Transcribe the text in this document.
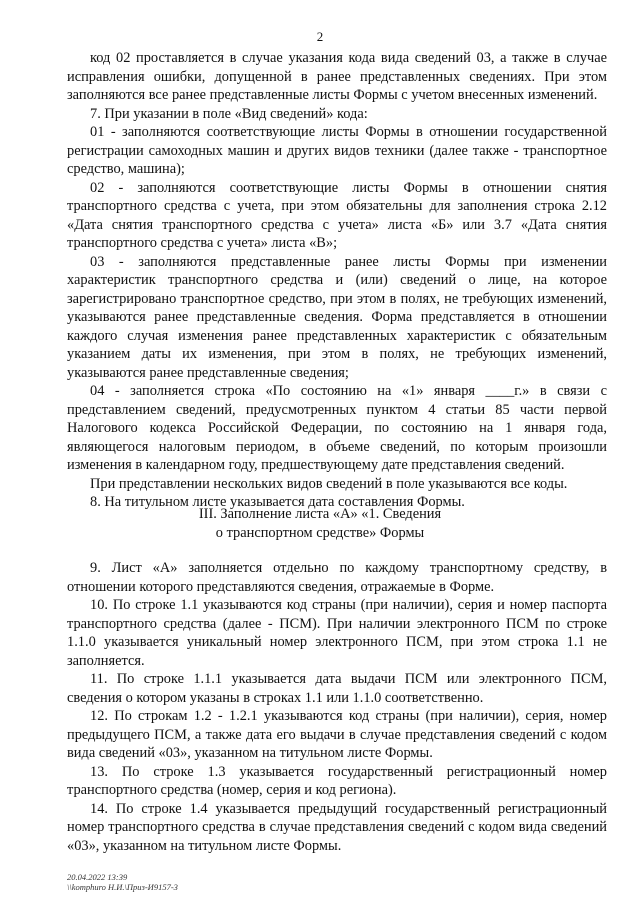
2

код 02 проставляется в случае указания кода вида сведений 03, а также в случае исправления ошибки, допущенной в ранее представленных сведениях. При этом заполняются все ранее представленные листы Формы с учетом внесенных изменений.

7. При указании в поле «Вид сведений» кода:

01 - заполняются соответствующие листы Формы в отношении государственной регистрации самоходных машин и других видов техники (далее также - транспортное средство, машина);

02 - заполняются соответствующие листы Формы в отношении снятия транспортного средства с учета, при этом обязательны для заполнения строка 2.12 «Дата снятия транспортного средства с учета» листа «Б» или 3.7 «Дата снятия транспортного средства с учета» листа «В»;

03 - заполняются представленные ранее листы Формы при изменении характеристик транспортного средства и (или) сведений о лице, на которое зарегистрировано транспортное средство, при этом в полях, не требующих изменений, указываются ранее представленные сведения. Форма представляется в отношении каждого случая изменения ранее представленных характеристик с обязательным указанием даты их изменения, при этом в полях, не требующих изменений, указываются ранее представленные сведения;

04 - заполняется строка «По состоянию на «1» января ____г.» в связи с представлением сведений, предусмотренных пунктом 4 статьи 85 части первой Налогового кодекса Российской Федерации, по состоянию на 1 января года, являющегося налоговым периодом, в объеме сведений, по которым произошли изменения в календарном году, предшествующему дате представления сведений.

При представлении нескольких видов сведений в поле указываются все коды.

8. На титульном листе указывается дата составления Формы.

III. Заполнение листа «А» «1. Сведения
о транспортном средстве» Формы

9. Лист «А» заполняется отдельно по каждому транспортному средству, в отношении которого представляются сведения, отражаемые в Форме.

10. По строке 1.1 указываются код страны (при наличии), серия и номер паспорта транспортного средства (далее - ПСМ). При наличии электронного ПСМ по строке 1.1.0 указывается уникальный номер электронного ПСМ, при этом строка 1.1 не заполняется.

11. По строке 1.1.1 указывается дата выдачи ПСМ или электронного ПСМ, сведения о котором указаны в строках 1.1 или 1.1.0 соответственно.

12. По строкам 1.2 - 1.2.1 указываются код страны (при наличии), серия, номер предыдущего ПСМ, а также дата его выдачи в случае представления сведений с кодом вида сведений «03», указанном на титульном листе Формы.

13. По строке 1.3 указывается государственный регистрационный номер транспортного средства (номер, серия и код региона).

14. По строке 1.4 указывается предыдущий государственный регистрационный номер транспортного средства в случае представления сведений с кодом вида сведений «03», указанном на титульном листе Формы.

20.04.2022 13:39
\\komphuro Н.И.\Приз-И9157-3
